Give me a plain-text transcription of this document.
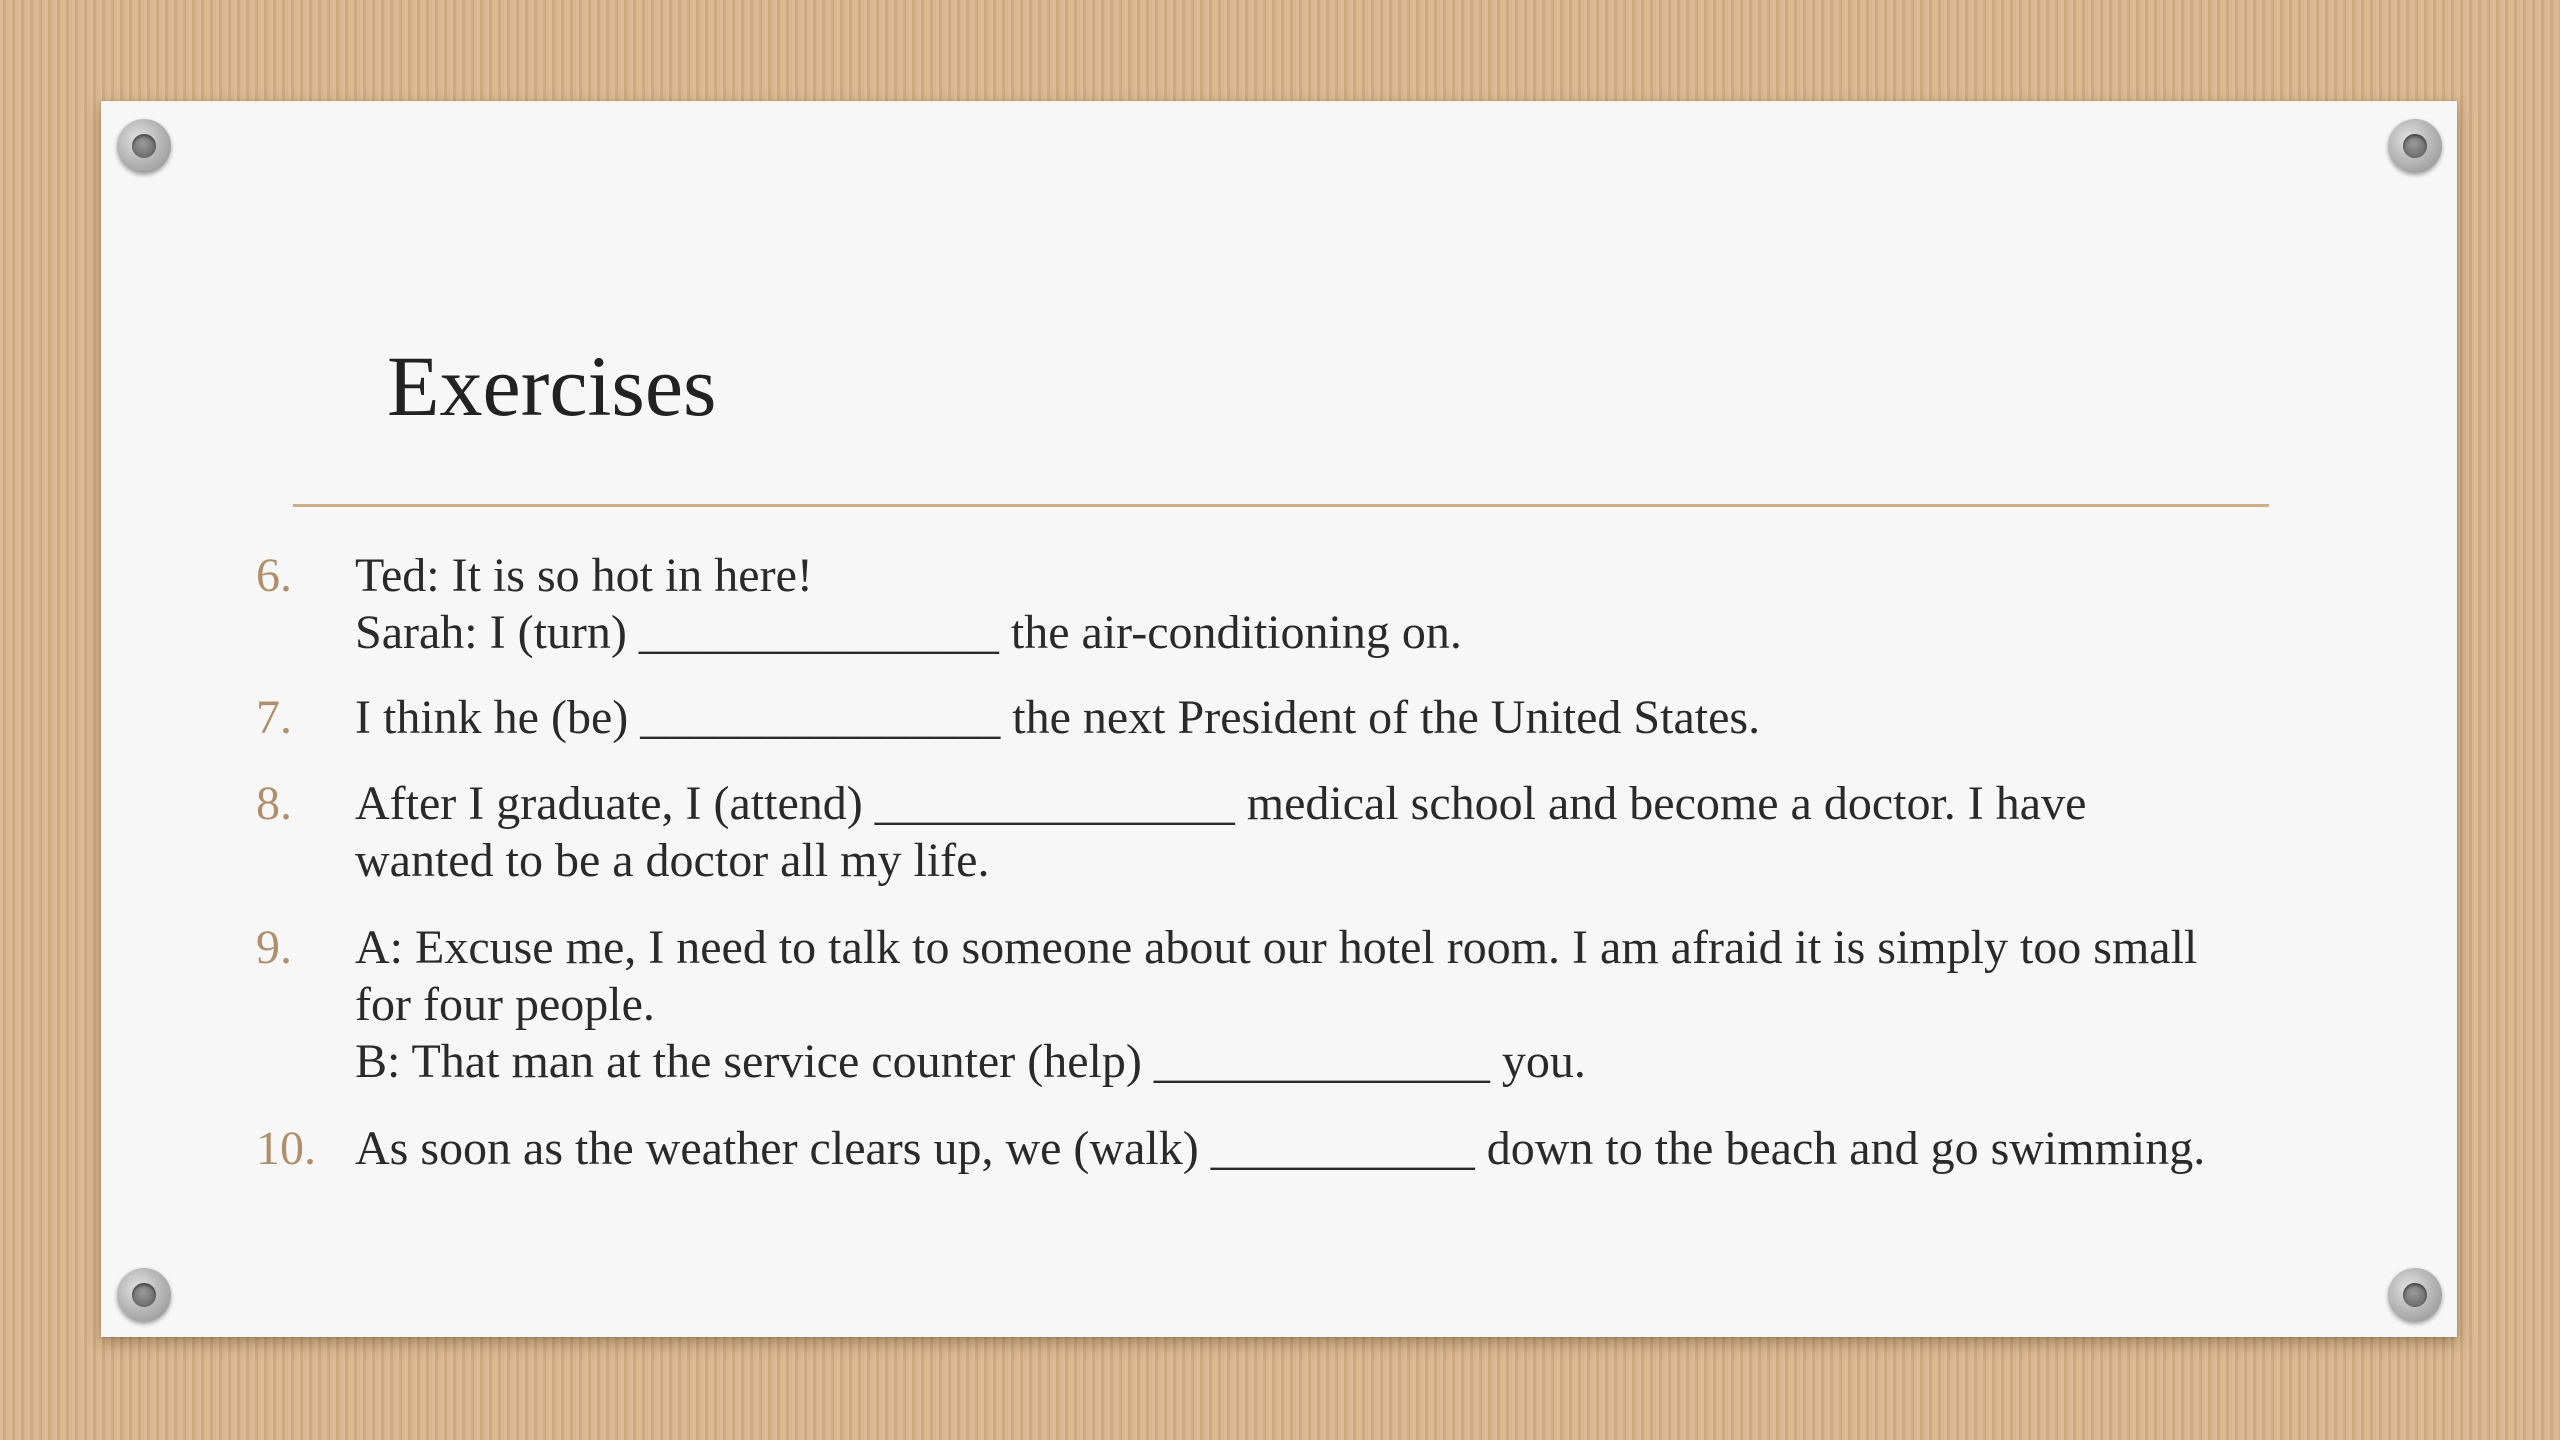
Exercises
6. Ted: It is so hot in here!
Sarah: I (turn) _______________ the air-conditioning on.
7. I think he (be) _______________ the next President of the United States.
8. After I graduate, I (attend) _______________ medical school and become a doctor. I have
wanted to be a doctor all my life.
9. A: Excuse me, I need to talk to someone about our hotel room. I am afraid it is simply too small
for four people.
B: That man at the service counter (help) ______________ you.
10. As soon as the weather clears up, we (walk) ___________ down to the beach and go swimming.
